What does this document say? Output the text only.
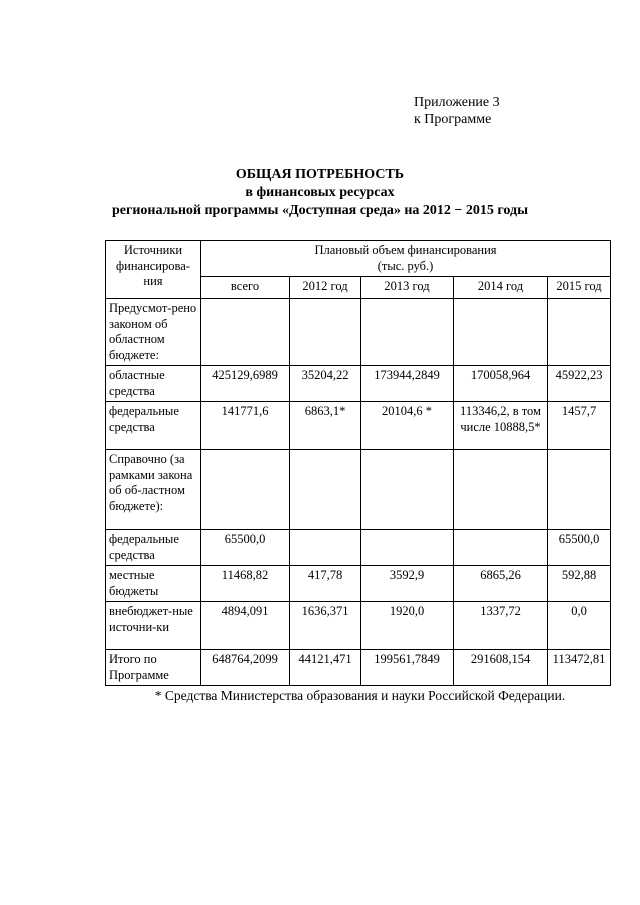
Приложение 3
к Программе
ОБЩАЯ ПОТРЕБНОСТЬ
в финансовых ресурсах
региональной программы «Доступная среда» на 2012 − 2015 годы
Источники финансирова-ния	Плановый объем финансирования
(тыс. руб.)				

	всего	2012 год	2013 год	2014 год	2015 год
Предусмот-рено законом об областном бюджете:					
областные средства	425129,6989	35204,22	173944,2849	170058,964	45922,23
федеральные средства	141771,6	6863,1*	20104,6 *	113346,2, в том числе 10888,5*	1457,7
Справочно (за рамками закона об об-ластном бюджете):					
федеральные средства	65500,0				65500,0
местные бюджеты	11468,82	417,78	3592,9	6865,26	592,88
внебюджет-ные источни-ки	4894,091	1636,371	1920,0	1337,72	0,0
Итого по Программе	648764,2099	44121,471	199561,7849	291608,154	113472,81
* Средства Министерства образования и науки Российской Федерации.
